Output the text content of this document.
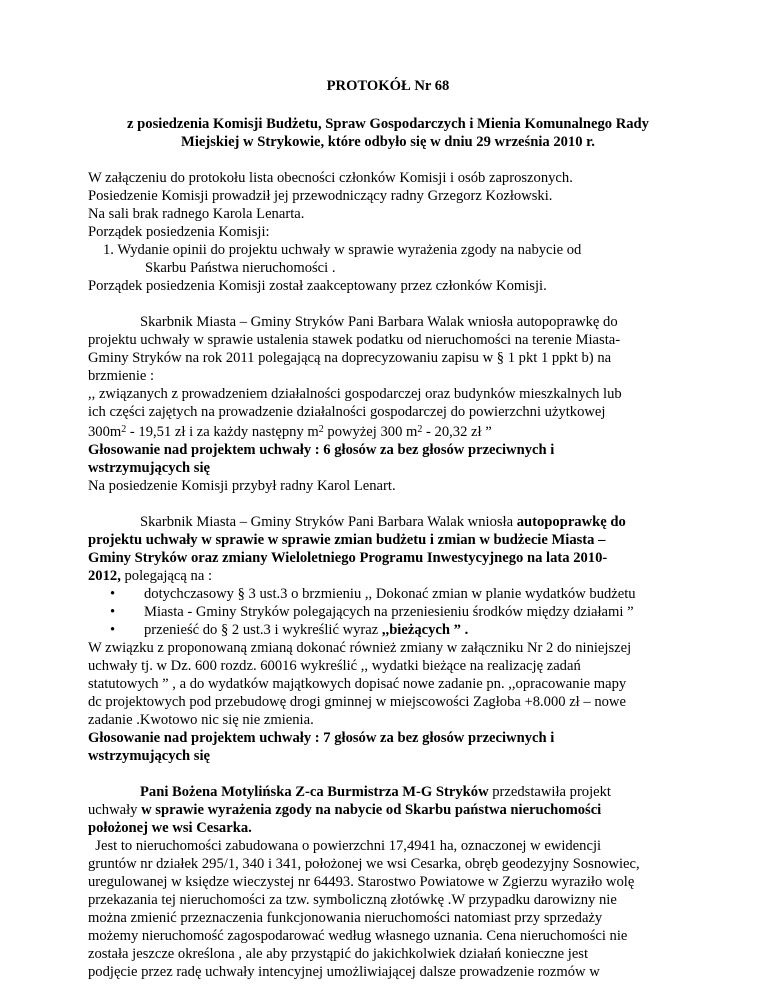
PROTOKÓŁ Nr 68
z posiedzenia Komisji Budżetu, Spraw Gospodarczych i Mienia Komunalnego Rady
Miejskiej w Strykowie, które odbyło się w dniu 29 września 2010 r.
W załączeniu do protokołu lista obecności członków Komisji i osób zaproszonych.
Posiedzenie Komisji prowadził jej przewodniczący radny Grzegorz Kozłowski.
Na sali brak radnego Karola Lenarta.
Porządek posiedzenia Komisji:
1. Wydanie opinii do projektu uchwały w sprawie wyrażenia zgody na nabycie od
Skarbu Państwa nieruchomości .
Porządek posiedzenia Komisji został zaakceptowany przez członków Komisji.
Skarbnik Miasta – Gminy Stryków Pani Barbara Walak wniosła autopoprawkę do
projektu uchwały w sprawie ustalenia stawek podatku od nieruchomości na terenie Miasta-
Gminy Stryków na rok 2011 polegającą na doprecyzowaniu zapisu w § 1 pkt 1 ppkt b) na
brzmienie :
,, związanych z prowadzeniem działalności gospodarczej oraz budynków mieszkalnych lub
ich części zajętych na prowadzenie działalności gospodarczej do powierzchni użytkowej
$300m^2 - 19,51$ zł i za każdy następny $m^2$ powyżej 300 $m^2 - 20,32$ zł ”
Głosowanie nad projektem uchwały : 6 głosów za bez głosów przeciwnych i
wstrzymujących się
Na posiedzenie Komisji przybył radny Karol Lenart.
Skarbnik Miasta – Gminy Stryków Pani Barbara Walak wniosła autopoprawkę do
projektu uchwały w sprawie w sprawie zmian budżetu i zmian w budżecie Miasta –
Gminy Stryków oraz zmiany Wieloletniego Programu Inwestycyjnego na lata 2010-
2012, polegającą na :
• dotychczasowy § 3 ust.3 o brzmieniu ,, Dokonać zmian w planie wydatków budżetu
• Miasta - Gminy Stryków polegających na przeniesieniu środków między działami ”
• przenieść do § 2 ust.3 i wykreślić wyraz ,,bieżących ” .
W związku z proponowaną zmianą dokonać również zmiany w załączniku Nr 2 do niniejszej
uchwały tj. w Dz. 600 rozdz. 60016 wykreślić ,, wydatki bieżące na realizację zadań
statutowych ” , a do wydatków majątkowych dopisać nowe zadanie pn. ,,opracowanie mapy
dc projektowych pod przebudowę drogi gminnej w miejscowości Zagłoba +8.000 zł – nowe
zadanie .Kwotowo nic się nie zmienia.
Głosowanie nad projektem uchwały : 7 głosów za bez głosów przeciwnych i
wstrzymujących się
Pani Bożena Motylińska Z-ca Burmistrza M-G Stryków przedstawiła projekt
uchwały w sprawie wyrażenia zgody na nabycie od Skarbu państwa nieruchomości
położonej we wsi Cesarka.
Jest to nieruchomości zabudowana o powierzchni 17,4941 ha, oznaczonej w ewidencji
gruntów nr działek 295/1, 340 i 341, położonej we wsi Cesarka, obręb geodezyjny Sosnowiec,
uregulowanej w księdze wieczystej nr 64493. Starostwo Powiatowe w Zgierzu wyraziło wolę
przekazania tej nieruchomości za tzw. symboliczną złotówkę .W przypadku darowizny nie
można zmienić przeznaczenia funkcjonowania nieruchomości natomiast przy sprzedaży
możemy nieruchomość zagospodarować według własnego uznania. Cena nieruchomości nie
została jeszcze określona , ale aby przystąpić do jakichkolwiek działań konieczne jest
podjęcie przez radę uchwały intencyjnej umożliwiającej dalsze prowadzenie rozmów w
